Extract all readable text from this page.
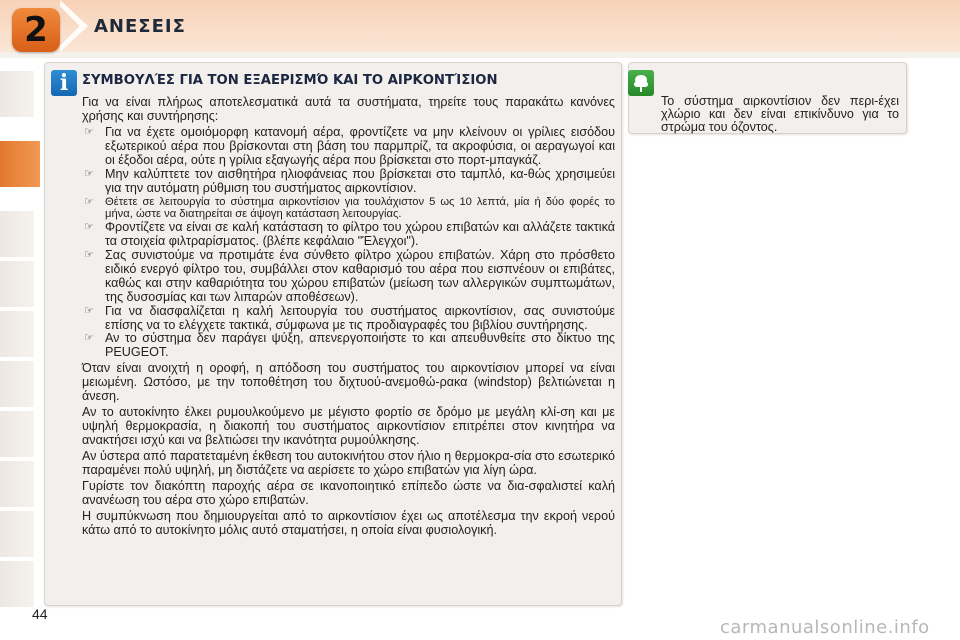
2	ΑΝΕΣΕΙΣ
i	ΣΥΜΒΟΥΛΈΣ ΓΙΑ ΤΟΝ ΕΞΑΕΡΙΣΜΌ ΚΑΙ ΤΟ ΑΙΡΚΟΝΤΊΣΙΟΝ

Για να είναι πλήρως αποτελεσματικά αυτά τα συστήματα, τηρείτε τους παρακάτω κανόνες χρήσης και συντήρησης:

☞ Για να έχετε ομοιόμορφη κατανομή αέρα, φροντίζετε να μην κλείνουν οι γρίλιες εισόδου εξωτερικού αέρα που βρίσκονται στη βάση του παρμπρίζ, τα ακροφύσια, οι αεραγωγοί και οι έξοδοι αέρα, ούτε η γρίλια εξαγωγής αέρα που βρίσκεται στο πορτ-μπαγκάζ.
☞ Μην καλύπτετε τον αισθητήρα ηλιοφάνειας που βρίσκεται στο ταμπλό, κα-θώς χρησιμεύει για την αυτόματη ρύθμιση του συστήματος αιρκοντίσιον.
☞ Θέτετε σε λειτουργία το σύστημα αιρκοντίσιον για τουλάχιστον 5 ως 10 λεπτά, μία ή δύο φορές το μήνα, ώστε να διατηρείται σε άψογη κατάσταση λειτουργίας.
☞ Φροντίζετε να είναι σε καλή κατάσταση το φίλτρο του χώρου επιβατών και αλλάζετε τακτικά τα στοιχεία φιλτραρίσματος. (βλέπε κεφάλαιο "Έλεγχοι").
☞ Σας συνιστούμε να προτιμάτε ένα σύνθετο φίλτρο χώρου επιβατών. Χάρη στο πρόσθετο ειδικό ενεργό φίλτρο του, συμβάλλει στον καθαρισμό του αέρα που εισπνέουν οι επιβάτες, καθώς και στην καθαριότητα του χώρου επιβατών (μείωση των αλλεργικών συμπτωμάτων, της δυσοσμίας και των λιπαρών αποθέσεων).
☞ Για να διασφαλίζεται η καλή λειτουργία του συστήματος αιρκοντίσιον, σας συνιστούμε επίσης να το ελέγχετε τακτικά, σύμφωνα με τις προδιαγραφές του βιβλίου συντήρησης.
☞ Αν το σύστημα δεν παράγει ψύξη, απενεργοποιήστε το και απευθυνθείτε στο δίκτυο της PEUGEOT.

Όταν είναι ανοιχτή η οροφή, η απόδοση του συστήματος του αιρκοντίσιον μπορεί να είναι μειωμένη. Ωστόσο, με την τοποθέτηση του διχτυού-ανεμοθώ-ρακα (windstop) βελτιώνεται η άνεση.

Αν το αυτοκίνητο έλκει ρυμουλκούμενο με μέγιστο φορτίο σε δρόμο με μεγάλη κλί-ση και με υψηλή θερμοκρασία, η διακοπή του συστήματος αιρκοντίσιον επιτρέπει στον κινητήρα να ανακτήσει ισχύ και να βελτιώσει την ικανότητα ρυμούλκησης.

Αν ύστερα από παρατεταμένη έκθεση του αυτοκινήτου στον ήλιο η θερμοκρα-σία στο εσωτερικό παραμένει πολύ υψηλή, μη διστάζετε να αερίσετε το χώρο επιβατών για λίγη ώρα.

Γυρίστε τον διακόπτη παροχής αέρα σε ικανοποιητικό επίπεδο ώστε να δια-σφαλιστεί καλή ανανέωση του αέρα στο χώρο επιβατών.

Η συμπύκνωση που δημιουργείται από το αιρκοντίσιον έχει ως αποτέλεσμα την εκροή νερού κάτω από το αυτοκίνητο μόλις αυτό σταματήσει, η οποία είναι φυσιολογική.

Το σύστημα αιρκοντίσιον δεν περι-έχει χλώριο και δεν είναι επικίνδυνο για το στρώμα του όζοντος.
44
carmanualsonline.info
